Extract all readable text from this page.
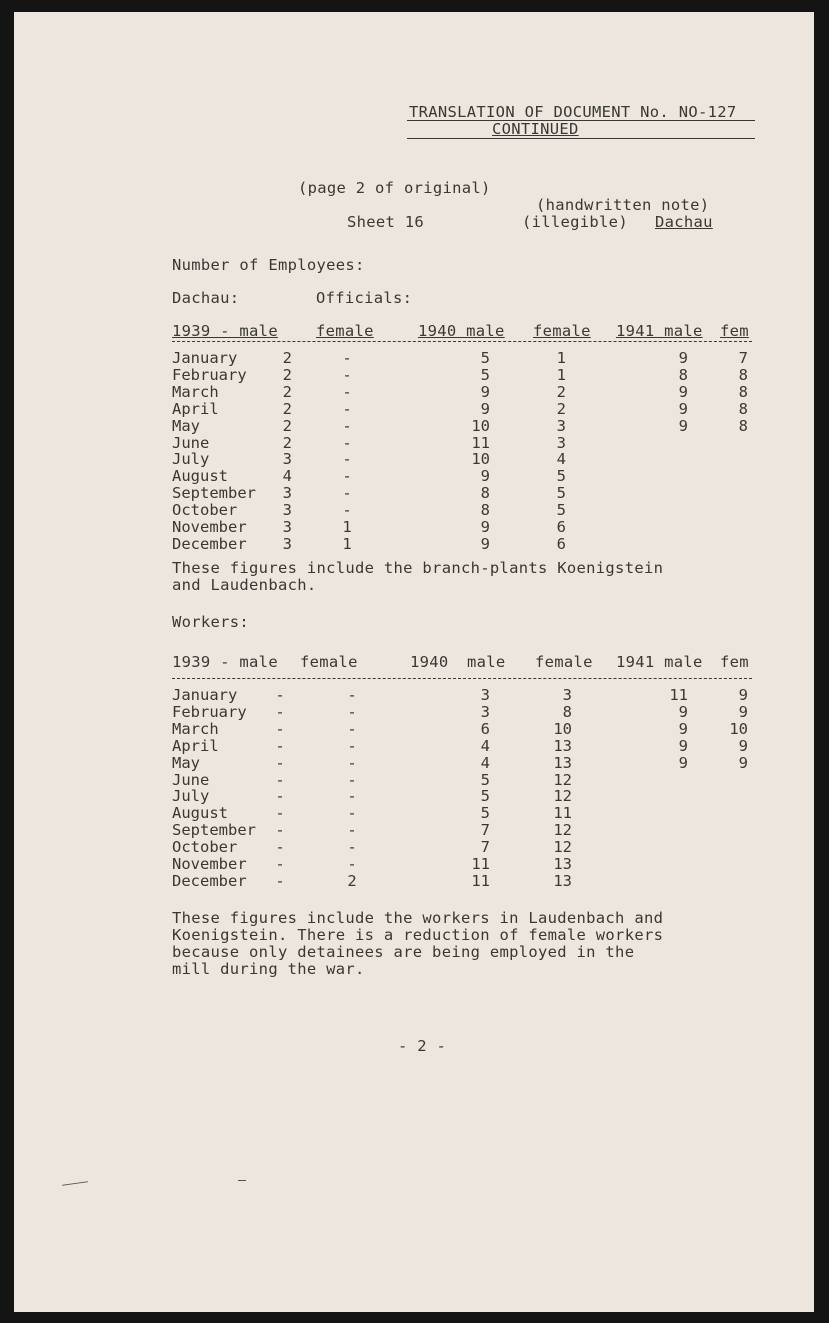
TRANSLATION OF DOCUMENT No. NO-127
CONTINUED
(page 2 of original)
(handwritten note)
Sheet 16	(illegible) Dachau
Number of Employees:
Dachau:	Officials:
1939 - male female	1940 male female 1941 male fem
January	2	-	5	1	9	7
February	2	-	5	1	8	8
March	2	-	9	2	9	8
April	2	-	9	2	9	8
May	2	-	10	3	9	8
June	2	-	11	3
July	3	-	10	4
August	4	-	9	5
September	3	-	8	5
October	3	-	8	5
November	3	1	9	6
December	3	1	9	6
These figures include the branch-plants Koenigstein
and Laudenbach.
Workers:
1939 - male female	1940 male female 1941 male fem
January	-	-	3	3	11	9
February	-	-	3	8	9	9
March	-	-	6	10	9	10
April	-	-	4	13	9	9
May	-	-	4	13	9	9
June	-	-	5	12
July	-	-	5	12
August	-	-	5	11
September	-	-	7	12
October	-	-	7	12
November	-	-	11	13
December	-	2	11	13
These figures include the workers in Laudenbach and
Koenigstein. There is a reduction of female workers
because only detainees are being employed in the
mill during the war.
- 2 -
